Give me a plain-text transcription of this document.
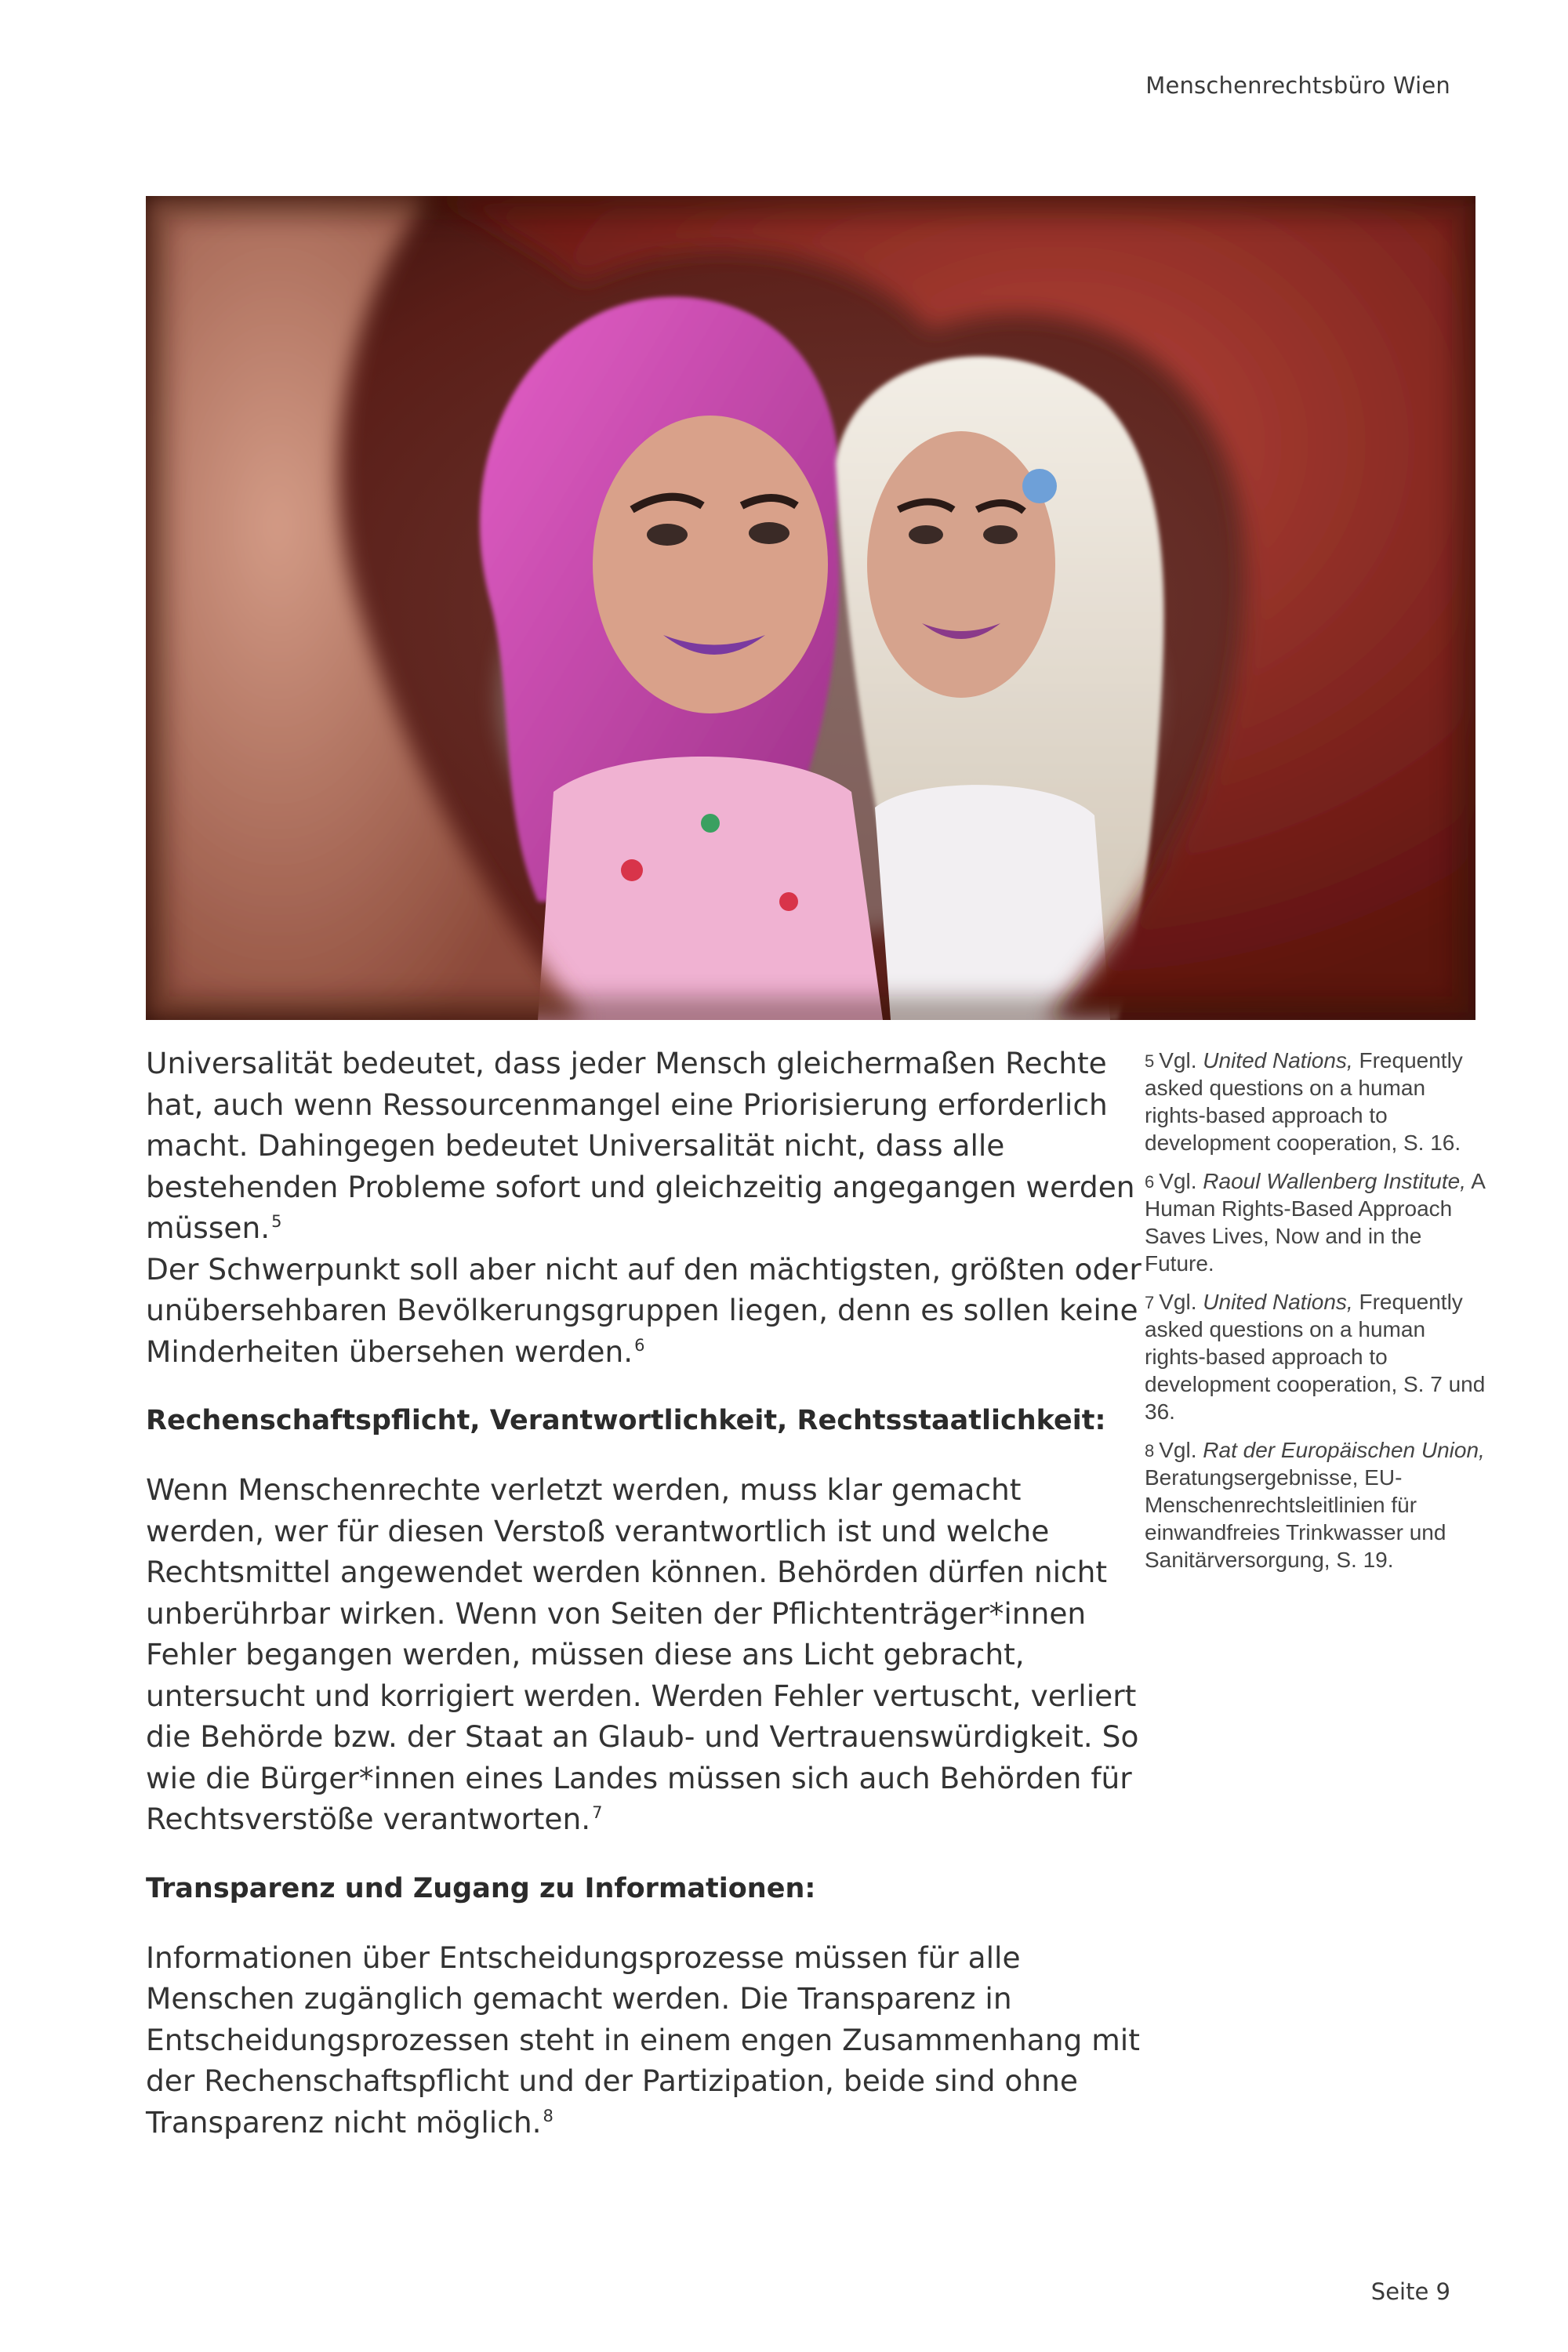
Menschenrechtsbüro Wien

Universalität bedeutet, dass jeder Mensch gleichermaßen Rechte hat, auch wenn Ressourcenmangel eine Priorisierung erforderlich macht. Dahingegen bedeutet Universalität nicht, dass alle bestehenden Probleme sofort und gleichzeitig angegangen werden müssen.$^5$

Der Schwerpunkt soll aber nicht auf den mächtigsten, größten oder unübersehbaren Bevölkerungsgruppen liegen, denn es sollen keine Minderheiten übersehen werden.$^6$

Rechenschaftspflicht, Verantwortlichkeit, Rechtsstaatlichkeit:

Wenn Menschenrechte verletzt werden, muss klar gemacht werden, wer für diesen Verstoß verantwortlich ist und welche Rechtsmittel angewendet werden können. Behörden dürfen nicht unberührbar wirken. Wenn von Seiten der Pflichtenträger*innen Fehler begangen werden, müssen diese ans Licht gebracht, untersucht und korrigiert werden. Werden Fehler vertuscht, verliert die Behörde bzw. der Staat an Glaub- und Vertrauenswürdigkeit. So wie die Bürger*innen eines Landes müssen sich auch Behörden für Rechtsverstöße verantworten.$^7$

Transparenz und Zugang zu Informationen:

Informationen über Entscheidungsprozesse müssen für alle Menschen zugänglich gemacht werden. Die Transparenz in Entscheidungsprozessen steht in einem engen Zusammenhang mit der Rechenschaftspflicht und der Partizipation, beide sind ohne Transparenz nicht möglich.$^8$

$^5$ Vgl. United Nations, Frequently asked questions on a human rights-based approach to development cooperation, S. 16.
$^6$ Vgl. Raoul Wallenberg Institute, A Human Rights-Based Approach Saves Lives, Now and in the Future.
$^7$ Vgl. United Nations, Frequently asked questions on a human rights-based approach to development cooperation, S. 7 und 36.
$^8$ Vgl. Rat der Europäischen Union, Beratungsergebnisse, EU-Menschenrechtsleitlinien für einwandfreies Trinkwasser und Sanitärversorgung, S. 19.
Seite 9
